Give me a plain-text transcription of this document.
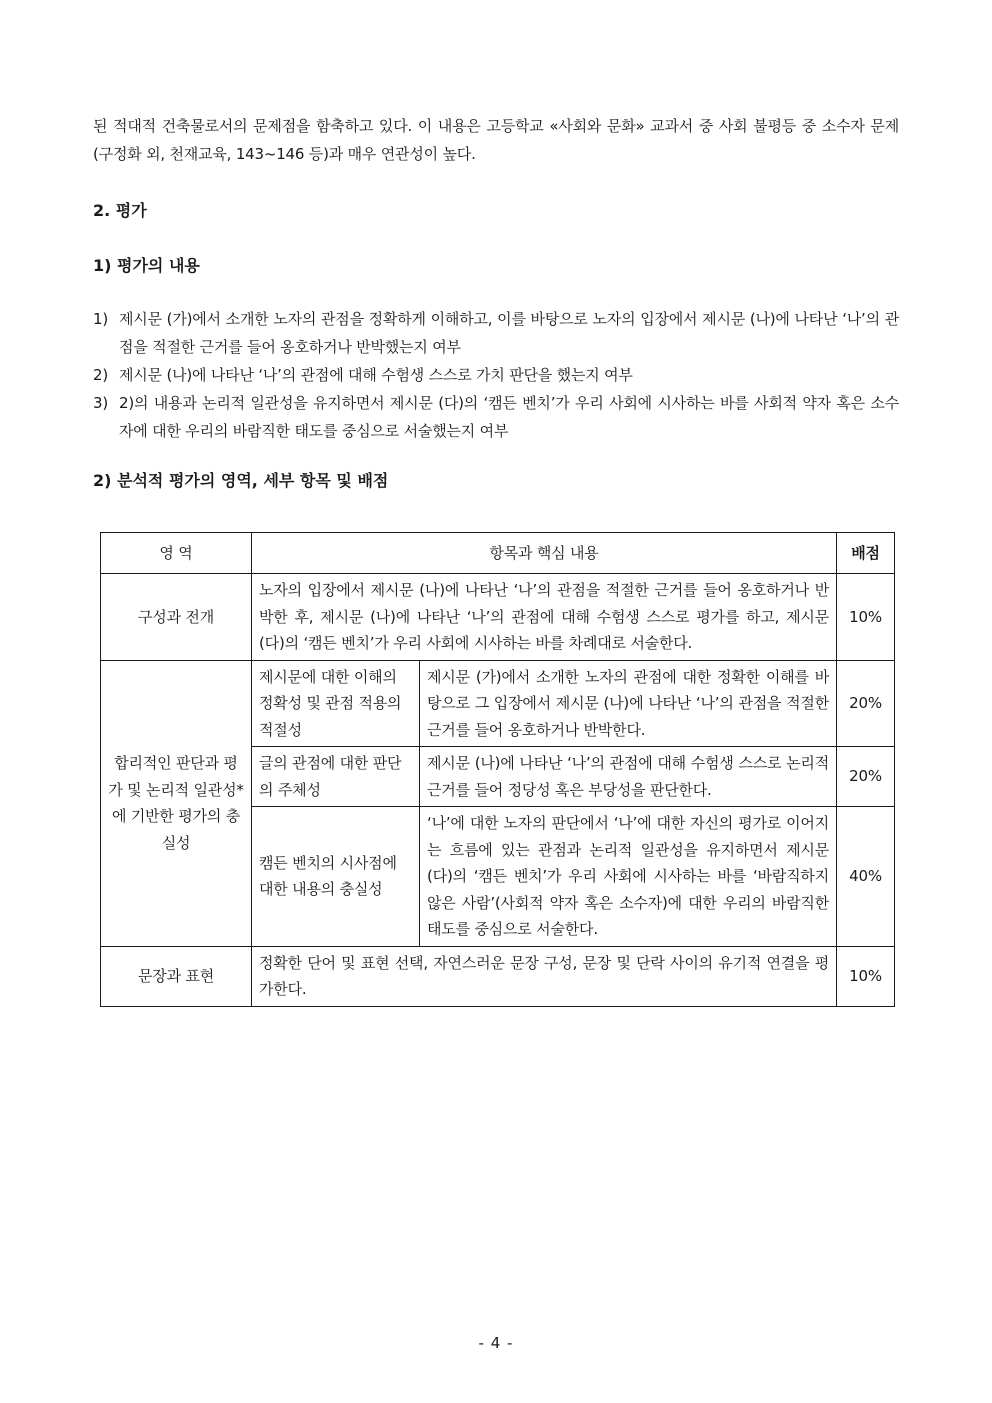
된 적대적 건축물로서의 문제점을 함축하고 있다. 이 내용은 고등학교 «사회와 문화» 교과서 중 사회 불평등 중 소수자 문제(구정화 외, 천재교육, 143~146 등)과 매우 연관성이 높다.

2. 평가
1) 평가의 내용
1) 제시문 (가)에서 소개한 노자의 관점을 정확하게 이해하고, 이를 바탕으로 노자의 입장에서 제시문 (나)에 나타난 ‘나’의 관점을 적절한 근거를 들어 옹호하거나 반박했는지 여부
2) 제시문 (나)에 나타난 ‘나’의 관점에 대해 수험생 스스로 가치 판단을 했는지 여부
3) 2)의 내용과 논리적 일관성을 유지하면서 제시문 (다)의 ‘캠든 벤치’가 우리 사회에 시사하는 바를 사회적 약자 혹은 소수자에 대한 우리의 바람직한 태도를 중심으로 서술했는지 여부
2) 분석적 평가의 영역, 세부 항목 및 배점
영 역	항목과 핵심 내용		배점
구성과 전개	노자의 입장에서 제시문 (나)에 나타난 ‘나’의 관점을 적절한 근거를 들어 옹호하거나 반박한 후, 제시문 (나)에 나타난 ‘나’의 관점에 대해 수험생 스스로 평가를 하고, 제시문 (다)의 ‘캠든 벤치’가 우리 사회에 시사하는 바를 차례대로 서술한다.		10%
합리적인 판단과 평가 및 논리적 일관성*에 기반한 평가의 충실성	제시문에 대한 이해의 정확성 및 관점 적용의 적절성	제시문 (가)에서 소개한 노자의 관점에 대한 정확한 이해를 바탕으로 그 입장에서 제시문 (나)에 나타난 ‘나’의 관점을 적절한 근거를 들어 옹호하거나 반박한다.	20%
	글의 관점에 대한 판단의 주체성	제시문 (나)에 나타난 ‘나’의 관점에 대해 수험생 스스로 논리적 근거를 들어 정당성 혹은 부당성을 판단한다.	20%
	캠든 벤치의 시사점에 대한 내용의 충실성	‘나’에 대한 노자의 판단에서 ‘나’에 대한 자신의 평가로 이어지는 흐름에 있는 관점과 논리적 일관성을 유지하면서 제시문 (다)의 ‘캠든 벤치’가 우리 사회에 시사하는 바를 ‘바람직하지 않은 사람’(사회적 약자 혹은 소수자)에 대한 우리의 바람직한 태도를 중심으로 서술한다.	40%
문장과 표현	정확한 단어 및 표현 선택, 자연스러운 문장 구성, 문장 및 단락 사이의 유기적 연결을 평가한다.		10%
- 4 -
